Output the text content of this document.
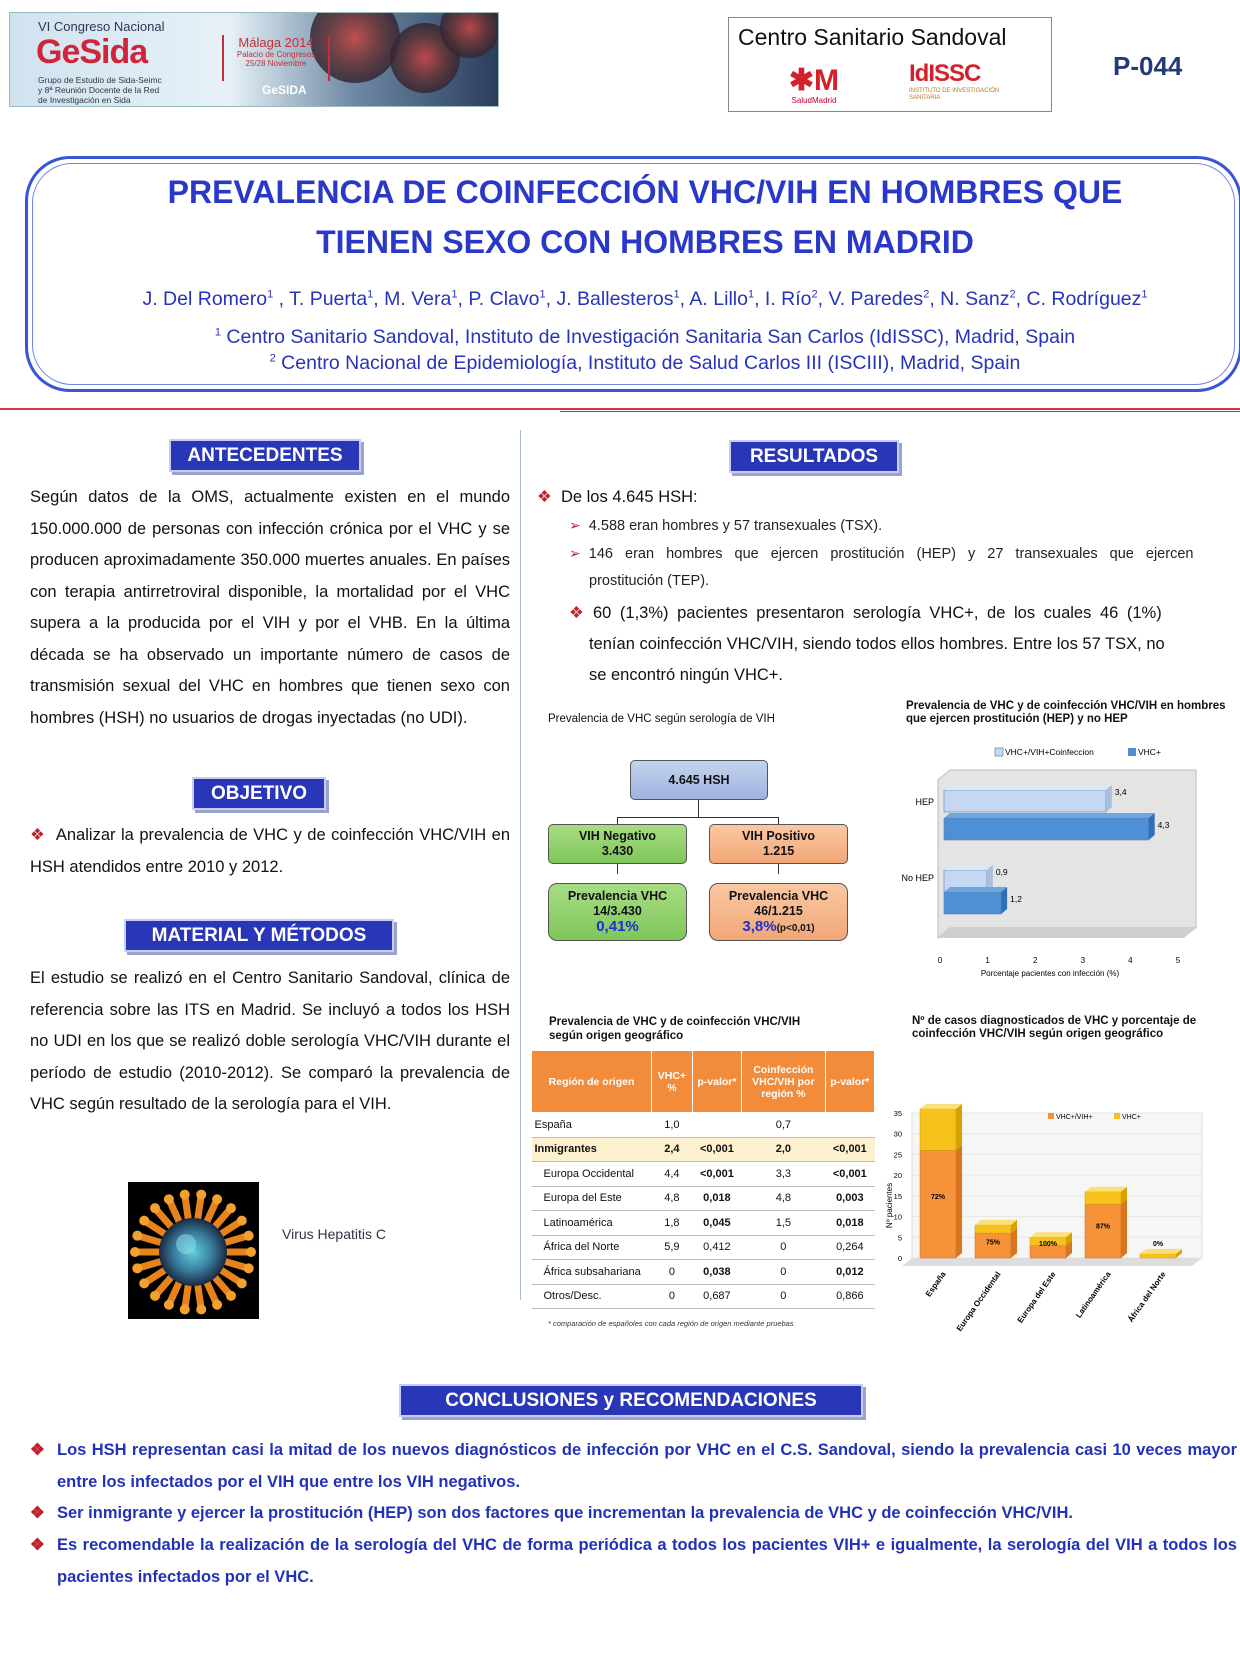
VI Congreso Nacional
GeSida
Grupo de Estudio de Sida-Seimc y 8ª Reunión Docente de la Red de Investigación en Sida
Málaga 2014
Palacio de Congresos
25/28 Noviembre
GeSIDA
Centro Sanitario Sandoval
✱M
SaludMadrid
IdISSC
INSTITUTO DE INVESTIGACIÓN SANITARIA
P-044
PREVALENCIA DE COINFECCIÓN VHC/VIH EN HOMBRES QUE
TIENEN SEXO CON HOMBRES EN MADRID
J. Del Romero$^1$ , T. Puerta$^1$, M. Vera$^1$, P. Clavo$^1$, J. Ballesteros$^1$, A. Lillo$^1$, I. Río$^2$, V. Paredes$^2$, N. Sanz$^2$, C. Rodríguez$^1$
$^1$ Centro Sanitario Sandoval, Instituto de Investigación Sanitaria San Carlos (IdISSC), Madrid, Spain
$^2$ Centro Nacional de Epidemiología, Instituto de Salud Carlos III (ISCIII), Madrid, Spain
ANTECEDENTES
Según datos de la OMS, actualmente existen en el mundo 150.000.000 de personas con infección crónica por el VHC y se producen aproximadamente 350.000 muertes anuales. En países con terapia antirretroviral disponible, la mortalidad por el VHC supera a la producida por el VIH y por el VHB. En la última década se ha observado un importante número de casos de transmisión sexual del VHC en hombres que tienen sexo con hombres (HSH) no usuarios de drogas inyectadas (no UDI).
OBJETIVO
❖ Analizar la prevalencia de VHC y de coinfección VHC/VIH en HSH atendidos entre 2010 y 2012.
MATERIAL Y MÉTODOS
El estudio se realizó en el Centro Sanitario Sandoval, clínica de referencia sobre las ITS en Madrid. Se incluyó a todos los HSH no UDI en los que se realizó doble serología VHC/VIH durante el período de estudio (2010-2012). Se comparó la prevalencia de VHC según resultado de la serología para el VIH.
Virus Hepatitis C
RESULTADOS
❖ De los 4.645 HSH:
➢ 4.588 eran hombres y 57 transexuales (TSX).
➢ 146 eran hombres que ejercen prostitución (HEP) y 27 transexuales que ejercen
prostitución (TEP).
❖ 60 (1,3%) pacientes presentaron serología VHC+, de los cuales 46 (1%)
tenían coinfección VHC/VIH, siendo todos ellos hombres. Entre los 57 TSX, no
se encontró ningún VHC+.
Prevalencia de VHC según serología de VIH
4.645 HSH
VIH Negativo
3.430
VIH Positivo
1.215
Prevalencia VHC
14/3.430
0,41%
Prevalencia VHC
46/1.215
3,8%(p<0,01)
Prevalencia de VHC y de coinfección VHC/VIH en hombres que ejercen prostitución (HEP) y no HEP
VHC+/VIH+Coinfeccion	VHC+
3,4
4,3
HEP
0,9
1,2
No HEP
0	1	2	3	4	5
Porcentaje pacientes con infección (%)
Prevalencia de VHC y de coinfección VHC/VIH
según origen geográfico
Región de origen	VHC+ %	p-valor*	Coinfección VHC/VIH por región %	p-valor*
España	1,0		0,7	
Inmigrantes	2,4	<0,001	2,0	<0,001
Europa Occidental	4,4	<0,001	3,3	<0,001
Europa del Este	4,8	0,018	4,8	0,003
Latinoamérica	1,8	0,045	1,5	0,018
África del Norte	5,9	0,412	0	0,264
África subsahariana	0	0,038	0	0,012
Otros/Desc.	0	0,687	0	0,866
* comparación de españoles con cada región de origen mediante pruebas
Nº de casos diagnosticados de VHC y porcentaje de coinfección VHC/VIH según origen geográfico
0
5
10
15
20
25
30
35
Nº pacientes
VHC+/VIH+	VHC+
72%
España
75%
Europa Occidental
100%
Europa del Este
87%
Latinoamérica
0%
África del Norte
CONCLUSIONES y RECOMENDACIONES
❖ Los HSH representan casi la mitad de los nuevos diagnósticos de infección por VHC en el C.S. Sandoval, siendo la prevalencia casi 10 veces mayor entre los infectados por el VIH que entre los VIH negativos.
❖ Ser inmigrante y ejercer la prostitución (HEP) son dos factores que incrementan la prevalencia de VHC y de coinfección VHC/VIH.
❖ Es recomendable la realización de la serología del VHC de forma periódica a todos los pacientes VIH+ e igualmente, la serología del VIH a todos los pacientes infectados por el VHC.
